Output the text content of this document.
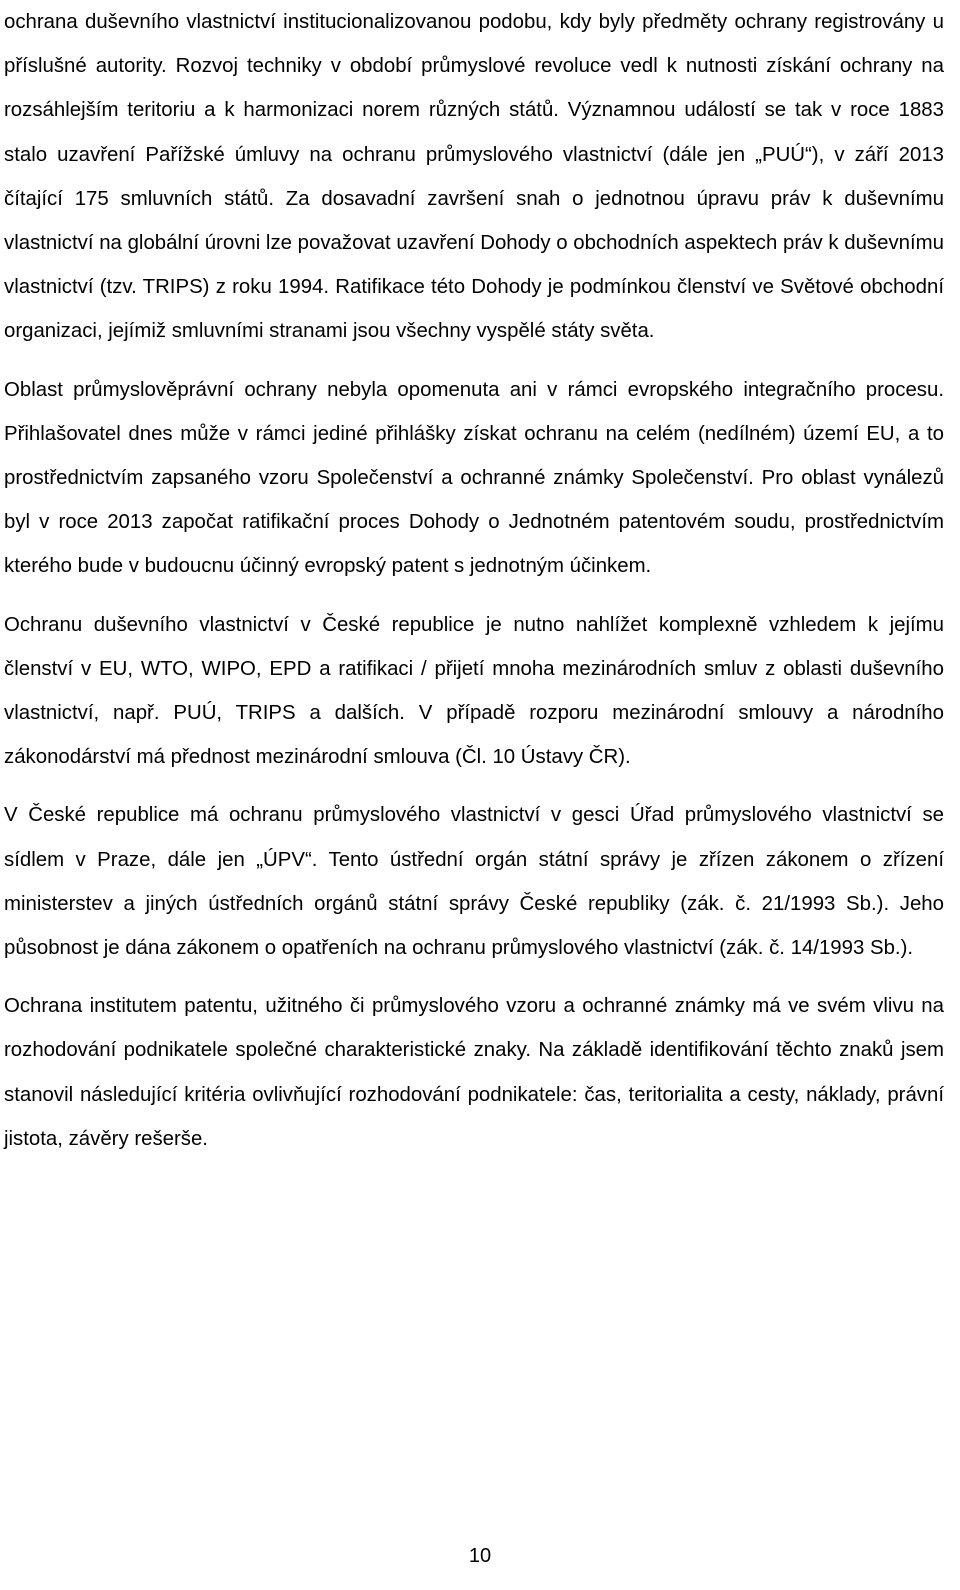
ochrana duševního vlastnictví institucionalizovanou podobu, kdy byly předměty ochrany registrovány u příslušné autority. Rozvoj techniky v období průmyslové revoluce vedl k nutnosti získání ochrany na rozsáhlejším teritoriu a k harmonizaci norem různých států. Významnou událostí se tak v roce 1883 stalo uzavření Pařížské úmluvy na ochranu průmyslového vlastnictví (dále jen „PUÚ“), v září 2013 čítající 175 smluvních států. Za dosavadní završení snah o jednotnou úpravu práv k duševnímu vlastnictví na globální úrovni lze považovat uzavření Dohody o obchodních aspektech práv k duševnímu vlastnictví (tzv. TRIPS) z roku 1994. Ratifikace této Dohody je podmínkou členství ve Světové obchodní organizaci, jejímiž smluvními stranami jsou všechny vyspělé státy světa.

Oblast průmyslověprávní ochrany nebyla opomenuta ani v rámci evropského integračního procesu. Přihlašovatel dnes může v rámci jediné přihlášky získat ochranu na celém (nedílném) území EU, a to prostřednictvím zapsaného vzoru Společenství a ochranné známky Společenství. Pro oblast vynálezů byl v roce 2013 započat ratifikační proces Dohody o Jednotném patentovém soudu, prostřednictvím kterého bude v budoucnu účinný evropský patent s jednotným účinkem.

Ochranu duševního vlastnictví v České republice je nutno nahlížet komplexně vzhledem k jejímu členství v EU, WTO, WIPO, EPD a ratifikaci / přijetí mnoha mezinárodních smluv z oblasti duševního vlastnictví, např. PUÚ, TRIPS a dalších. V případě rozporu mezinárodní smlouvy a národního zákonodárství má přednost mezinárodní smlouva (Čl. 10 Ústavy ČR).

V České republice má ochranu průmyslového vlastnictví v gesci Úřad průmyslového vlastnictví se sídlem v Praze, dále jen „ÚPV“. Tento ústřední orgán státní správy je zřízen zákonem o zřízení ministerstev a jiných ústředních orgánů státní správy České republiky (zák. č. 21/1993 Sb.). Jeho působnost je dána zákonem o opatřeních na ochranu průmyslového vlastnictví (zák. č. 14/1993 Sb.).

Ochrana institutem patentu, užitného či průmyslového vzoru a ochranné známky má ve svém vlivu na rozhodování podnikatele společné charakteristické znaky. Na základě identifikování těchto znaků jsem stanovil následující kritéria ovlivňující rozhodování podnikatele: čas, teritorialita a cesty, náklady, právní jistota, závěry rešerše.

10
